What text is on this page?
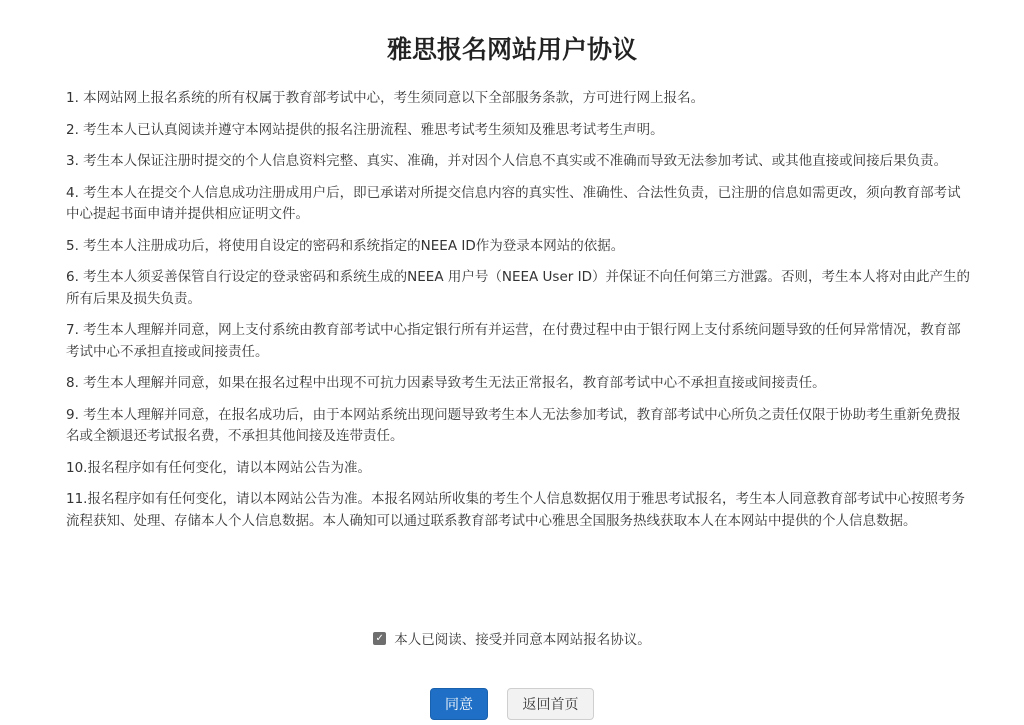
雅思报名网站用户协议
1. 本网站网上报名系统的所有权属于教育部考试中心，考生须同意以下全部服务条款，方可进行网上报名。
2. 考生本人已认真阅读并遵守本网站提供的报名注册流程、雅思考试考生须知及雅思考试考生声明。
3. 考生本人保证注册时提交的个人信息资料完整、真实、准确，并对因个人信息不真实或不准确而导致无法参加考试、或其他直接或间接后果负责。
4. 考生本人在提交个人信息成功注册成用户后，即已承诺对所提交信息内容的真实性、准确性、合法性负责，已注册的信息如需更改，须向教育部考试中心提起书面申请并提供相应证明文件。
5. 考生本人注册成功后，将使用自设定的密码和系统指定的NEEA ID作为登录本网站的依据。
6. 考生本人须妥善保管自行设定的登录密码和系统生成的NEEA 用户号（NEEA User ID）并保证不向任何第三方泄露。否则，考生本人将对由此产生的所有后果及损失负责。
7. 考生本人理解并同意，网上支付系统由教育部考试中心指定银行所有并运营，在付费过程中由于银行网上支付系统问题导致的任何异常情况，教育部考试中心不承担直接或间接责任。
8. 考生本人理解并同意，如果在报名过程中出现不可抗力因素导致考生无法正常报名，教育部考试中心不承担直接或间接责任。
9. 考生本人理解并同意，在报名成功后，由于本网站系统出现问题导致考生本人无法参加考试，教育部考试中心所负之责任仅限于协助考生重新免费报名或全额退还考试报名费，不承担其他间接及连带责任。
10.报名程序如有任何变化，请以本网站公告为准。
11.报名程序如有任何变化，请以本网站公告为准。本报名网站所收集的考生个人信息数据仅用于雅思考试报名，考生本人同意教育部考试中心按照考务流程获知、处理、存储本人个人信息数据。本人确知可以通过联系教育部考试中心雅思全国服务热线获取本人在本网站中提供的个人信息数据。
✓ 本人已阅读、接受并同意本网站报名协议。
同意	返回首页
